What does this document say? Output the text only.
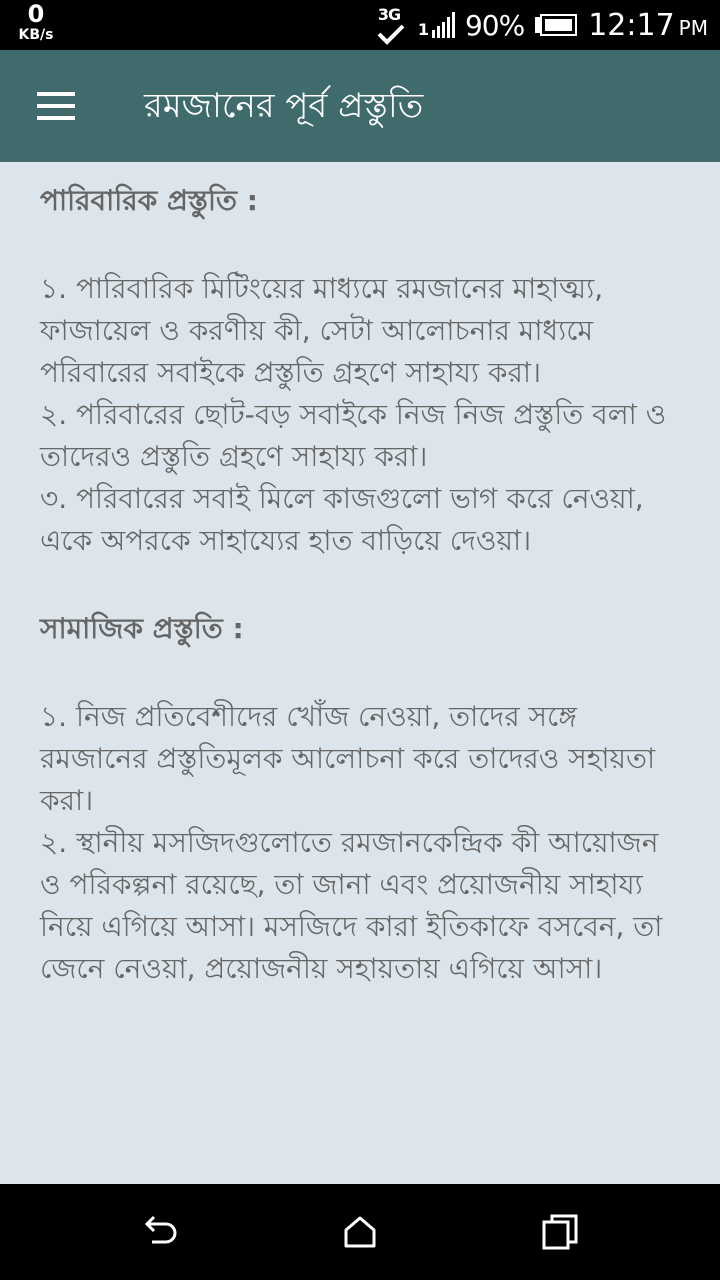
0
KB/s
3G
1 90% 12:17 PM
রমজানের পূর্ব প্রস্তুতি

পারিবারিক প্রস্তুতি :

১. পারিবারিক মিটিংয়ের মাধ্যমে রমজানের মাহাত্ম্য, ফাজায়েল ও করণীয় কী, সেটা আলোচনার মাধ্যমে পরিবারের সবাইকে প্রস্তুতি গ্রহণে সাহায্য করা।

২. পরিবারের ছোট-বড় সবাইকে নিজ নিজ প্রস্তুতি বলা ও তাদেরও প্রস্তুতি গ্রহণে সাহায্য করা।

৩. পরিবারের সবাই মিলে কাজগুলো ভাগ করে নেওয়া, একে অপরকে সাহায্যের হাত বাড়িয়ে দেওয়া।

সামাজিক প্রস্তুতি :

১. নিজ প্রতিবেশীদের খোঁজ নেওয়া, তাদের সঙ্গে রমজানের প্রস্তুতিমূলক আলোচনা করে তাদেরও সহায়তা করা।

২. স্থানীয় মসজিদগুলোতে রমজানকেন্দ্রিক কী আয়োজন ও পরিকল্পনা রয়েছে, তা জানা এবং প্রয়োজনীয় সাহায্য নিয়ে এগিয়ে আসা। মসজিদে কারা ইতিকাফে বসবেন, তা জেনে নেওয়া, প্রয়োজনীয় সহায়তায় এগিয়ে আসা।
